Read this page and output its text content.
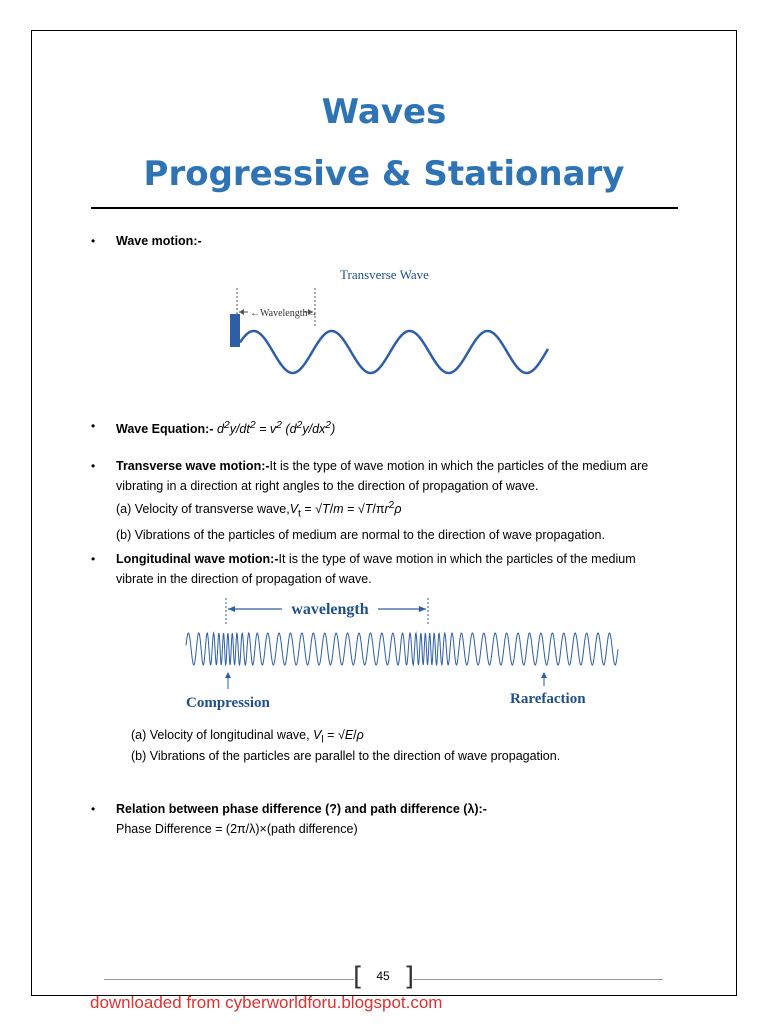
Waves
Progressive & Stationary
• Wave motion:-
Transverse Wave
←Wavelength→
• Wave Equation:- $d^2y/dt^2 = v^2$ $(d^2y/dx^2)$
• Transverse wave motion:-It is the type of wave motion in which the particles of the medium are
vibrating in a direction at right angles to the direction of propagation of wave.
(a) Velocity of transverse $wave,V_t = √T/m = √T/\pi r^2\rho$
(b) Vibrations of the particles of medium are normal to the direction of wave propagation.
• Longitudinal wave motion:-It is the type of wave motion in which the particles of the medium
vibrate in the direction of propagation of wave.
wavelength
Compression	Rarefaction
(a) Velocity of longitudinal wave, $V_l = √E/\rho$
(b) Vibrations of the particles are parallel to the direction of wave propagation.
• Relation between phase difference (?) and path difference (λ):-
Phase Difference = (2π/λ)×(path difference)
[ ]
45
downloaded from cyberworldforu.blogspot.com
